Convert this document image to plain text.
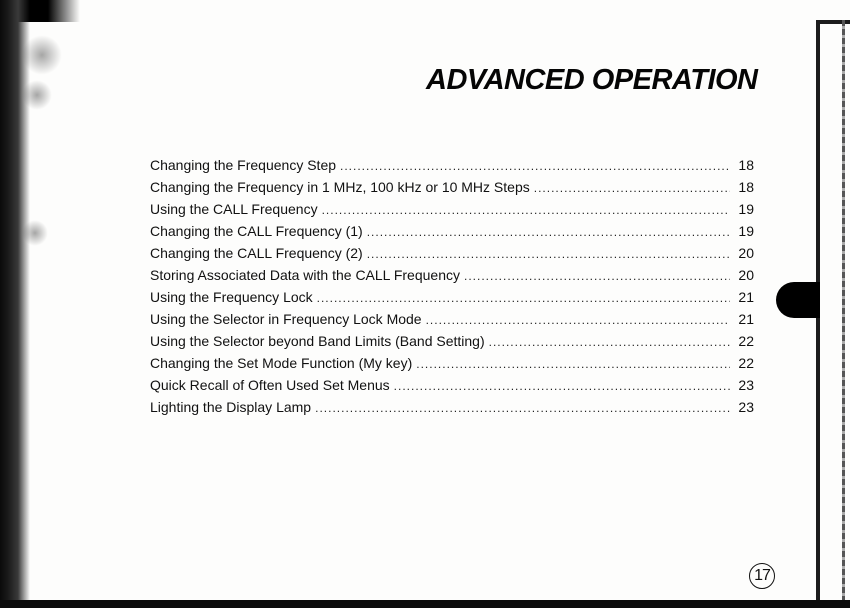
ADVANCED OPERATION
Changing the Frequency Step .....	18
Changing the Frequency in 1 MHz, 100 kHz or 10 MHz Steps .....	18
Using the CALL Frequency .....	19
Changing the CALL Frequency (1) .....	19
Changing the CALL Frequency (2) .....	20
Storing Associated Data with the CALL Frequency .....	20
Using the Frequency Lock .....	21
Using the Selector in Frequency Lock Mode .....	21
Using the Selector beyond Band Limits (Band Setting) .....	22
Changing the Set Mode Function (My key) .....	22
Quick Recall of Often Used Set Menus .....	23
Lighting the Display Lamp .....	23
17
